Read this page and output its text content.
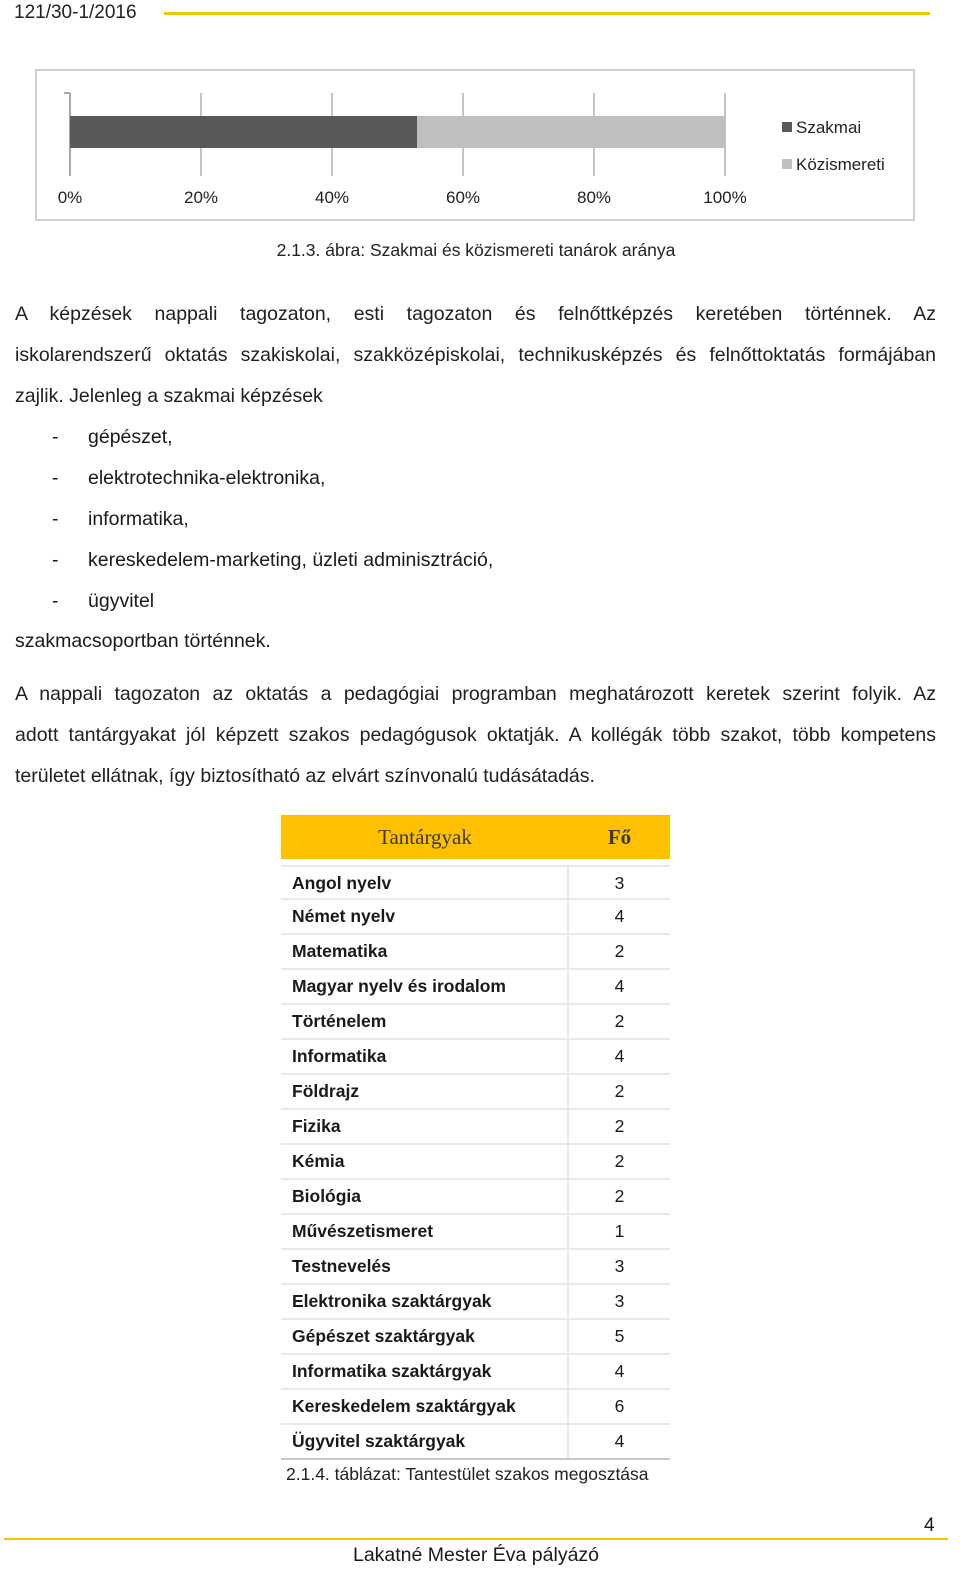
121/30-1/2016
0%	20%	40%	60%	80%	100%
Szakmai
Közismereti
2.1.3. ábra: Szakmai és közismereti tanárok aránya
A képzések nappali tagozaton, esti tagozaton és felnőttképzés keretében történnek. Az
iskolarendszerű oktatás szakiskolai, szakközépiskolai, technikusképzés és felnőttoktatás formájában
zajlik. Jelenleg a szakmai képzések
- gépészet,
- elektrotechnika-elektronika,
- informatika,
- kereskedelem-marketing, üzleti adminisztráció,
- ügyvitel
szakmacsoportban történnek.
A nappali tagozaton az oktatás a pedagógiai programban meghatározott keretek szerint folyik. Az
adott tantárgyakat jól képzett szakos pedagógusok oktatják. A kollégák több szakot, több kompetens
területet ellátnak, így biztosítható az elvárt színvonalú tudásátadás.
Tantárgyak	Fő
Angol nyelv	3
Német nyelv	4
Matematika	2
Magyar nyelv és irodalom	4
Történelem	2
Informatika	4
Földrajz	2
Fizika	2
Kémia	2
Biológia	2
Művészetismeret	1
Testnevelés	3
Elektronika szaktárgyak	3
Gépészet szaktárgyak	5
Informatika szaktárgyak	4
Kereskedelem szaktárgyak	6
Ügyvitel szaktárgyak	4
2.1.4. táblázat: Tantestület szakos megosztása
4
Lakatné Mester Éva pályázó
